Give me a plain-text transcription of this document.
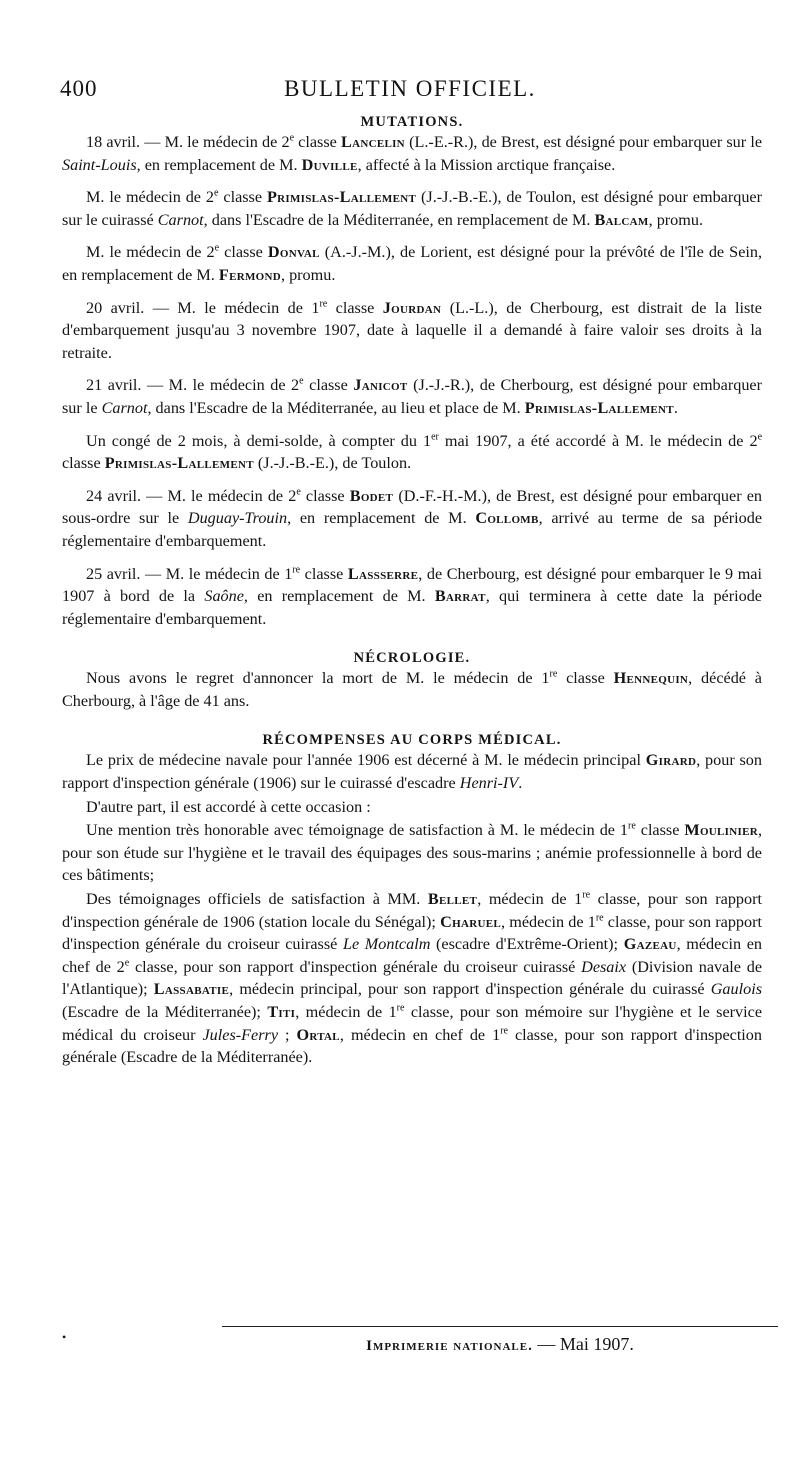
400	BULLETIN OFFICIEL.
MUTATIONS.

18 avril. — M. le médecin de 2e classe Lancelin (L.-E.-R.), de Brest, est désigné pour embarquer sur le Saint-Louis, en remplacement de M. Duville, affecté à la Mission arctique française.

M. le médecin de 2e classe Primislas-Lallement (J.-J.-B.-E.), de Toulon, est désigné pour embarquer sur le cuirassé Carnot, dans l'Escadre de la Méditerranée, en remplacement de M. Balcam, promu.

M. le médecin de 2e classe Donval (A.-J.-M.), de Lorient, est désigné pour la prévôté de l'île de Sein, en remplacement de M. Fermond, promu.

20 avril. — M. le médecin de 1re classe Jourdan (L.-L.), de Cherbourg, est distrait de la liste d'embarquement jusqu'au 3 novembre 1907, date à laquelle il a demandé à faire valoir ses droits à la retraite.

21 avril. — M. le médecin de 2e classe Janicot (J.-J.-R.), de Cherbourg, est désigné pour embarquer sur le Carnot, dans l'Escadre de la Méditerranée, au lieu et place de M. Primislas-Lallement.

Un congé de 2 mois, à demi-solde, à compter du 1er mai 1907, a été accordé à M. le médecin de 2e classe Primislas-Lallement (J.-J.-B.-E.), de Toulon.

24 avril. — M. le médecin de 2e classe Bodet (D.-F.-H.-M.), de Brest, est désigné pour embarquer en sous-ordre sur le Duguay-Trouin, en remplacement de M. Collomb, arrivé au terme de sa période réglementaire d'embarquement.

25 avril. — M. le médecin de 1re classe Lassserre, de Cherbourg, est désigné pour embarquer le 9 mai 1907 à bord de la Saône, en remplacement de M. Barrat, qui terminera à cette date la période réglementaire d'embarquement.

NÉCROLOGIE.

Nous avons le regret d'annoncer la mort de M. le médecin de 1re classe Hennequin, décédé à Cherbourg, à l'âge de 41 ans.

RÉCOMPENSES AU CORPS MÉDICAL.

Le prix de médecine navale pour l'année 1906 est décerné à M. le médecin principal Girard, pour son rapport d'inspection générale (1906) sur le cuirassé d'escadre Henri-IV.

D'autre part, il est accordé à cette occasion :

Une mention très honorable avec témoignage de satisfaction à M. le médecin de 1re classe Moulinier, pour son étude sur l'hygiène et le travail des équipages des sous-marins ; anémie professionnelle à bord de ces bâtiments;

Des témoignages officiels de satisfaction à MM. Bellet, médecin de 1re classe, pour son rapport d'inspection générale de 1906 (station locale du Sénégal); Charuel, médecin de 1re classe, pour son rapport d'inspection générale du croiseur cuirassé Le Montcalm (escadre d'Extrême-Orient); Gazeau, médecin en chef de 2e classe, pour son rapport d'inspection générale du croiseur cuirassé Desaix (Division navale de l'Atlantique); Lassabatie, médecin principal, pour son rapport d'inspection générale du cuirassé Gaulois (Escadre de la Méditerranée); Titi, médecin de 1re classe, pour son mémoire sur l'hygiène et le service médical du croiseur Jules-Ferry ; Ortal, médecin en chef de 1re classe, pour son rapport d'inspection générale (Escadre de la Méditerranée).

•
Imprimerie nationale. — Mai 1907.
